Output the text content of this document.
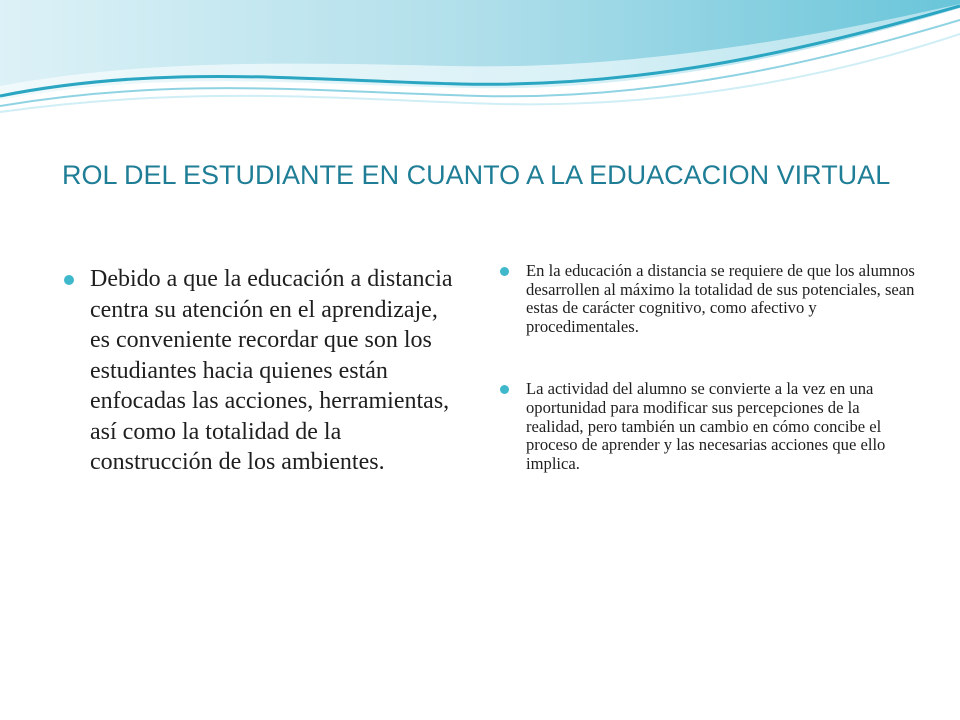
ROL DEL ESTUDIANTE EN CUANTO A LA EDUACACION VIRTUAL
Debido a que la educación a distancia centra su atención en el aprendizaje, es conveniente recordar que son los estudiantes hacia quienes están enfocadas las acciones, herramientas, así como la totalidad de la construcción de los ambientes.
En la educación a distancia se requiere de que los alumnos desarrollen al máximo la totalidad de sus potenciales, sean estas de carácter cognitivo, como afectivo y procedimentales.
La actividad del alumno se convierte a la vez en una oportunidad para modificar sus percepciones de la realidad, pero también un cambio en cómo concibe el proceso de aprender y las necesarias acciones que ello implica.
